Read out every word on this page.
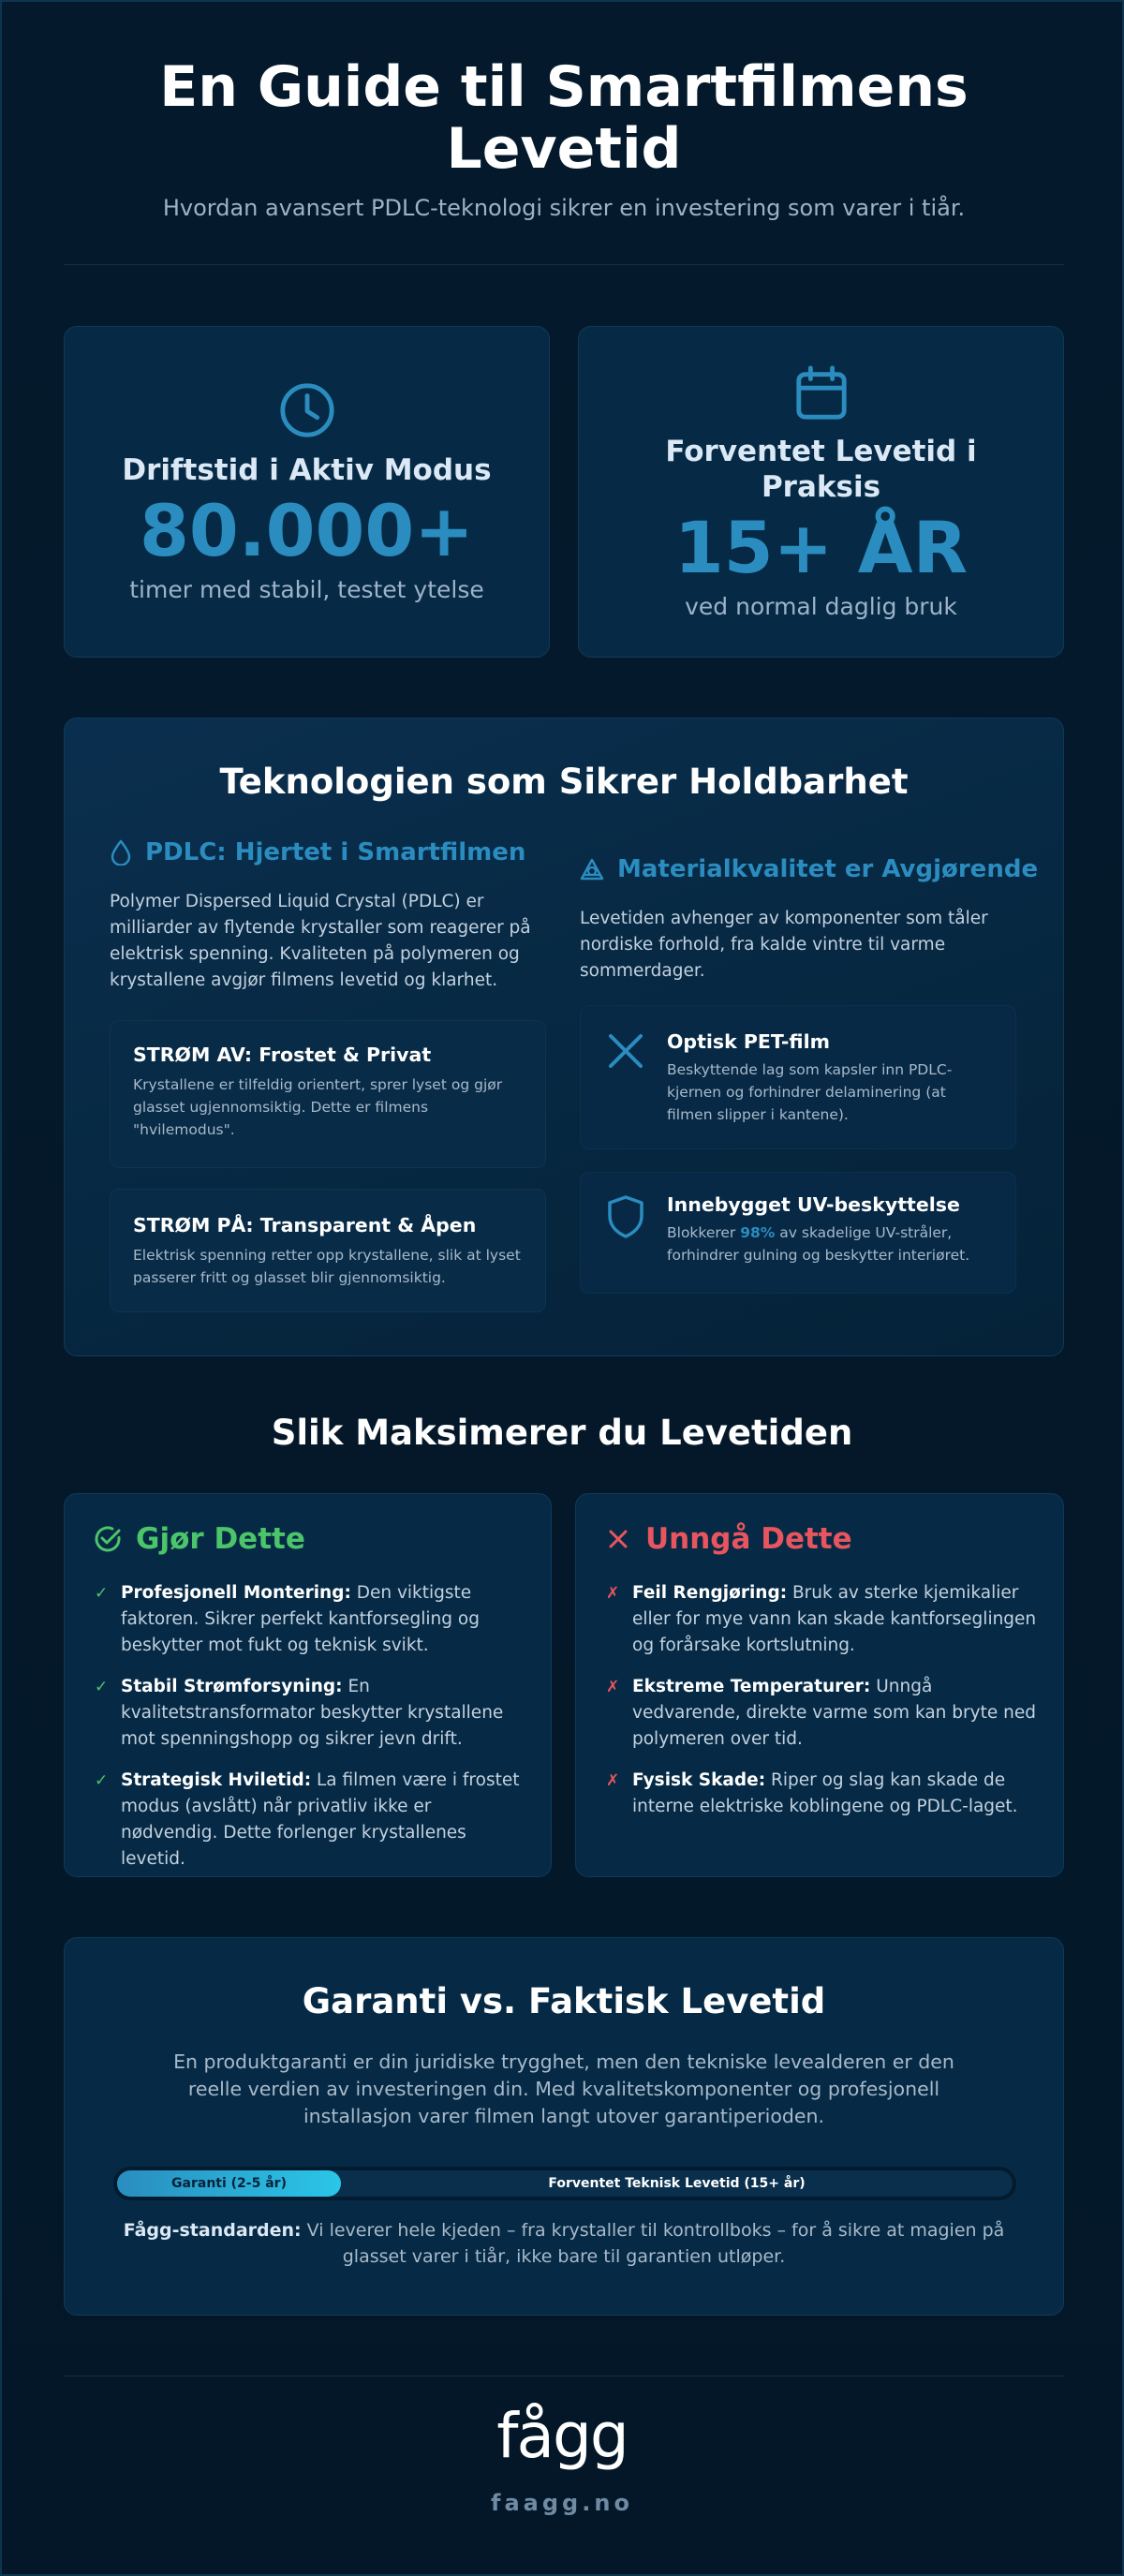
En Guide til Smartfilmens Levetid

Hvordan avansert PDLC-teknologi sikrer en investering som varer i tiår.

Driftstid i Aktiv Modus
80.000+
timer med stabil, testet ytelse
Forventet Levetid i Praksis
15+ ÅR
ved normal daglig bruk
Teknologien som Sikrer Holdbarhet
PDLC: Hjertet i Smartfilmen

Polymer Dispersed Liquid Crystal (PDLC) er milliarder av flytende krystaller som reagerer på elektrisk spenning. Kvaliteten på polymeren og krystallene avgjør filmens levetid og klarhet.

STRØM AV: Frostet & Privat

Krystallene er tilfeldig orientert, sprer lyset og gjør glasset ugjennomsiktig. Dette er filmens "hvilemodus".

STRØM PÅ: Transparent & Åpen

Elektrisk spenning retter opp krystallene, slik at lyset passerer fritt og glasset blir gjennomsiktig.

Materialkvalitet er Avgjørende

Levetiden avhenger av komponenter som tåler nordiske forhold, fra kalde vintre til varme sommerdager.

Optisk PET-film

Beskyttende lag som kapsler inn PDLC-kjernen og forhindrer delaminering (at filmen slipper i kantene).

Innebygget UV-beskyttelse

Blokkerer 98% av skadelige UV-stråler, forhindrer gulning og beskytter interiøret.

Slik Maksimerer du Levetiden
Gjør Dette
✓ Profesjonell Montering: Den viktigste faktoren. Sikrer perfekt kantforsegling og beskytter mot fukt og teknisk svikt.
✓ Stabil Strømforsyning: En kvalitetstransformator beskytter krystallene mot spenningshopp og sikrer jevn drift.
✓ Strategisk Hviletid: La filmen være i frostet modus (avslått) når privatliv ikke er nødvendig. Dette forlenger krystallenes levetid.
Unngå Dette
✗ Feil Rengjøring: Bruk av sterke kjemikalier eller for mye vann kan skade kantforseglingen og forårsake kortslutning.
✗ Ekstreme Temperaturer: Unngå vedvarende, direkte varme som kan bryte ned polymeren over tid.
✗ Fysisk Skade: Riper og slag kan skade de interne elektriske koblingene og PDLC-laget.
Garanti vs. Faktisk Levetid

En produktgaranti er din juridiske trygghet, men den tekniske levealderen er den reelle verdien av investeringen din. Med kvalitetskomponenter og profesjonell installasjon varer filmen langt utover garantiperioden.

Garanti (2-5 år)	Forventet Teknisk Levetid (15+ år)

Fågg-standarden: Vi leverer hele kjeden – fra krystaller til kontrollboks – for å sikre at magien på glasset varer i tiår, ikke bare til garantien utløper.

fågg
faagg.no
